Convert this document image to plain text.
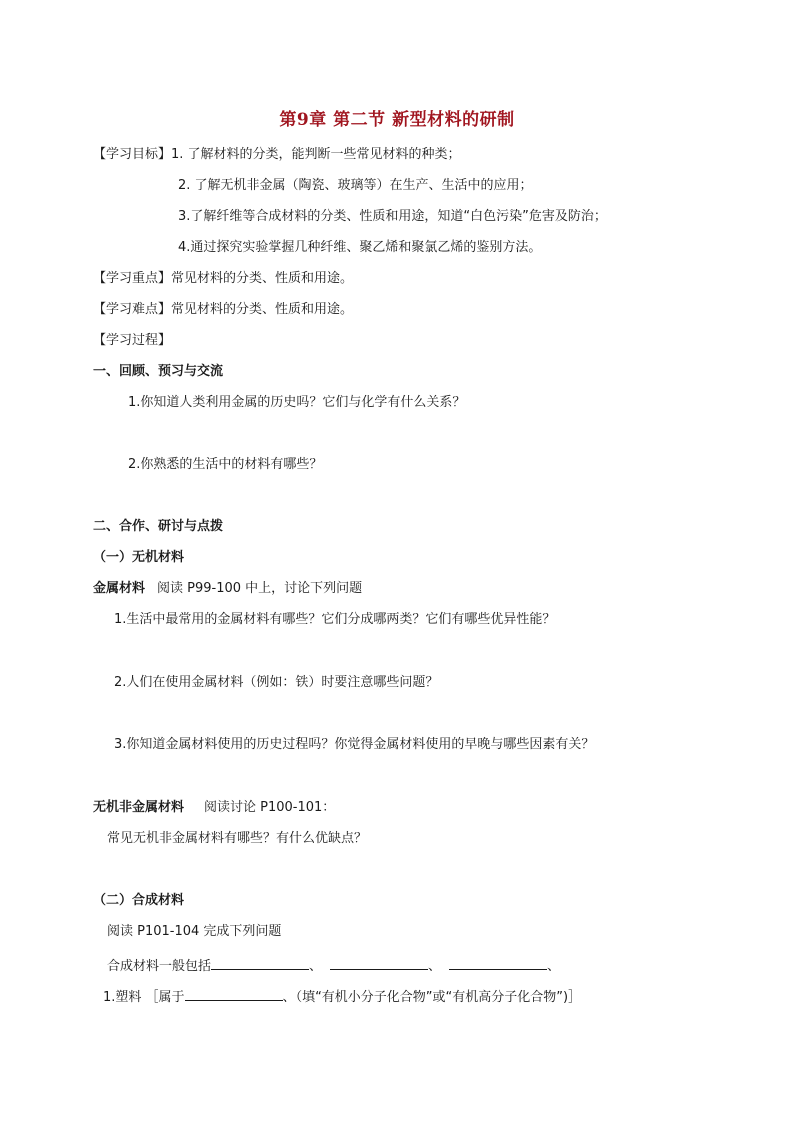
第9章 第二节 新型材料的研制
【学习目标】1. 了解材料的分类，能判断一些常见材料的种类；
2. 了解无机非金属（陶瓷、玻璃等）在生产、生活中的应用；
3.了解纤维等合成材料的分类、性质和用途，知道“白色污染”危害及防治；
4.通过探究实验掌握几种纤维、聚乙烯和聚氯乙烯的鉴别方法。
【学习重点】常见材料的分类、性质和用途。
【学习难点】常见材料的分类、性质和用途。
【学习过程】
一、回顾、预习与交流
1.你知道人类利用金属的历史吗？它们与化学有什么关系？
2.你熟悉的生活中的材料有哪些？
二、合作、研讨与点拨
（一）无机材料
金属材料 阅读 P99-100 中上，讨论下列问题
1.生活中最常用的金属材料有哪些？它们分成哪两类？它们有哪些优异性能？
2.人们在使用金属材料（例如：铁）时要注意哪些问题？
3.你知道金属材料使用的历史过程吗？你觉得金属材料使用的早晚与哪些因素有关？
无机非金属材料 阅读讨论 P100-101：
常见无机非金属材料有哪些？有什么优缺点？
（二）合成材料
阅读 P101-104 完成下列问题
合成材料一般包括	、	、	、
1.塑料 ［属于	、（填“有机小分子化合物”或“有机高分子化合物”)］
